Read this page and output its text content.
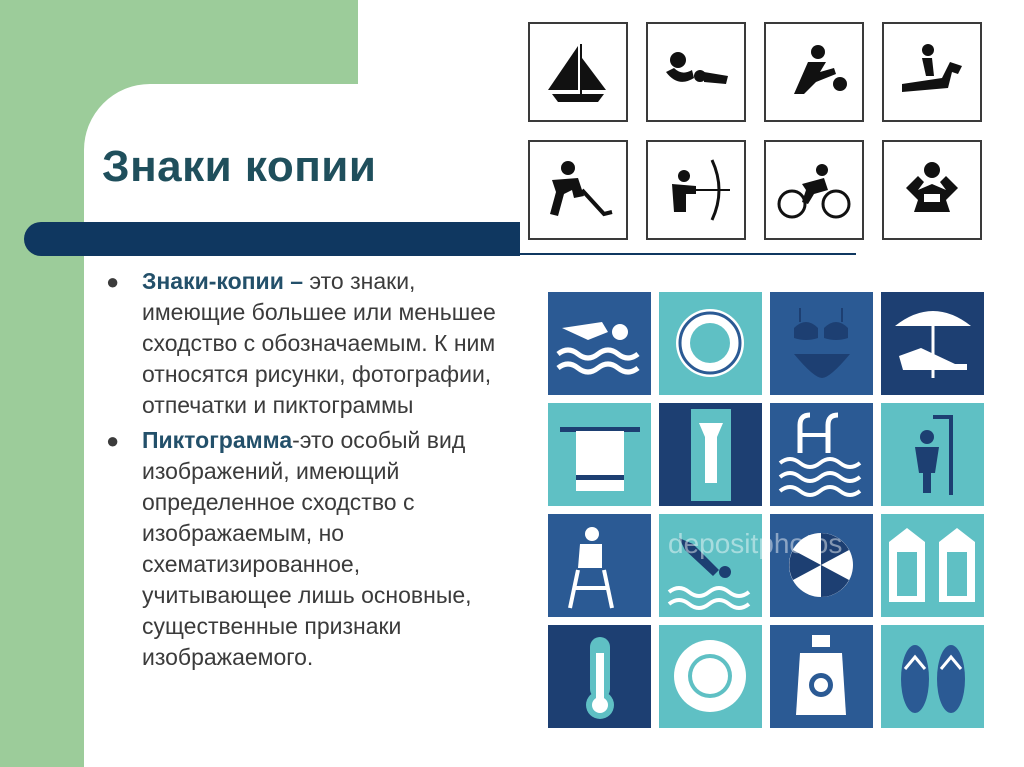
Знаки копии
● Знаки-копии – это знаки, имеющие большее или меньшее сходство с обозначаемым. К ним относятся рисунки, фотографии, отпечатки и пиктограммы
● Пиктограмма-это особый вид изображений, имеющий определенное сходство с изображаемым, но схематизированное, учитывающее лишь основные, существенные признаки изображаемого.
depositphotos
